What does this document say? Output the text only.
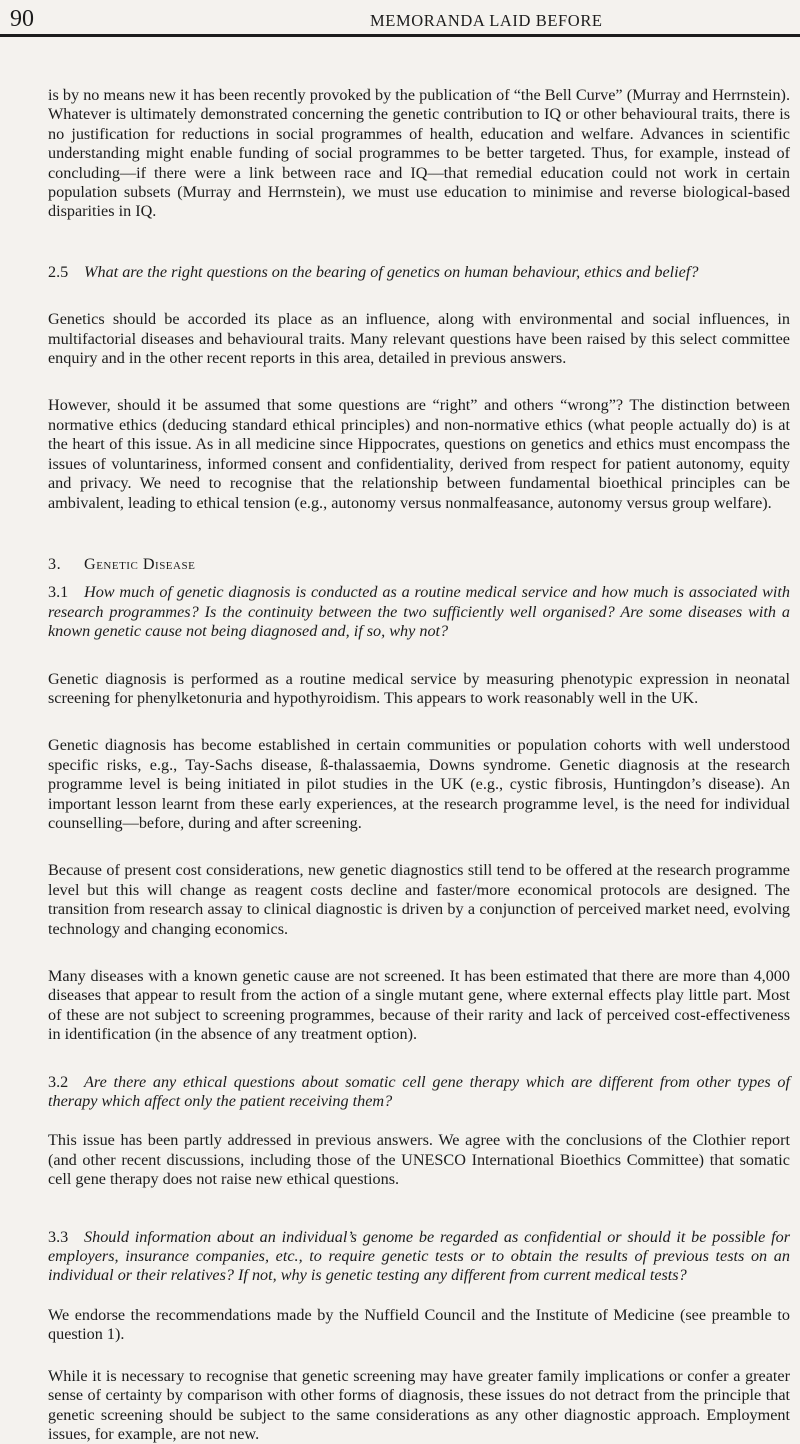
90	MEMORANDA LAID BEFORE

is by no means new it has been recently provoked by the publication of “the Bell Curve” (Murray and Herrnstein). Whatever is ultimately demonstrated concerning the genetic contribution to IQ or other behavioural traits, there is no justification for reductions in social programmes of health, education and welfare. Advances in scientific understanding might enable funding of social programmes to be better targeted. Thus, for example, instead of concluding—if there were a link between race and IQ—that remedial education could not work in certain population subsets (Murray and Herrnstein), we must use education to minimise and reverse biological-based disparities in IQ.

2.5 What are the right questions on the bearing of genetics on human behaviour, ethics and belief?

Genetics should be accorded its place as an influence, along with environmental and social influences, in multifactorial diseases and behavioural traits. Many relevant questions have been raised by this select committee enquiry and in the other recent reports in this area, detailed in previous answers.

However, should it be assumed that some questions are “right” and others “wrong”? The distinction between normative ethics (deducing standard ethical principles) and non-normative ethics (what people actually do) is at the heart of this issue. As in all medicine since Hippocrates, questions on genetics and ethics must encompass the issues of voluntariness, informed consent and confidentiality, derived from respect for patient autonomy, equity and privacy. We need to recognise that the relationship between fundamental bioethical principles can be ambivalent, leading to ethical tension (e.g., autonomy versus nonmalfeasance, autonomy versus group welfare).

3. Genetic Disease

3.1 How much of genetic diagnosis is conducted as a routine medical service and how much is associated with research programmes? Is the continuity between the two sufficiently well organised? Are some diseases with a known genetic cause not being diagnosed and, if so, why not?

Genetic diagnosis is performed as a routine medical service by measuring phenotypic expression in neonatal screening for phenylketonuria and hypothyroidism. This appears to work reasonably well in the UK.

Genetic diagnosis has become established in certain communities or population cohorts with well understood specific risks, e.g., Tay-Sachs disease, ß-thalassaemia, Downs syndrome. Genetic diagnosis at the research programme level is being initiated in pilot studies in the UK (e.g., cystic fibrosis, Huntingdon’s disease). An important lesson learnt from these early experiences, at the research programme level, is the need for individual counselling—before, during and after screening.

Because of present cost considerations, new genetic diagnostics still tend to be offered at the research programme level but this will change as reagent costs decline and faster/more economical protocols are designed. The transition from research assay to clinical diagnostic is driven by a conjunction of perceived market need, evolving technology and changing economics.

Many diseases with a known genetic cause are not screened. It has been estimated that there are more than 4,000 diseases that appear to result from the action of a single mutant gene, where external effects play little part. Most of these are not subject to screening programmes, because of their rarity and lack of perceived cost-effectiveness in identification (in the absence of any treatment option).

3.2 Are there any ethical questions about somatic cell gene therapy which are different from other types of therapy which affect only the patient receiving them?

This issue has been partly addressed in previous answers. We agree with the conclusions of the Clothier report (and other recent discussions, including those of the UNESCO International Bioethics Committee) that somatic cell gene therapy does not raise new ethical questions.

3.3 Should information about an individual’s genome be regarded as confidential or should it be possible for employers, insurance companies, etc., to require genetic tests or to obtain the results of previous tests on an individual or their relatives? If not, why is genetic testing any different from current medical tests?

We endorse the recommendations made by the Nuffield Council and the Institute of Medicine (see preamble to question 1).

While it is necessary to recognise that genetic screening may have greater family implications or confer a greater sense of certainty by comparison with other forms of diagnosis, these issues do not detract from the principle that genetic screening should be subject to the same considerations as any other diagnostic approach. Employment issues, for example, are not new.
